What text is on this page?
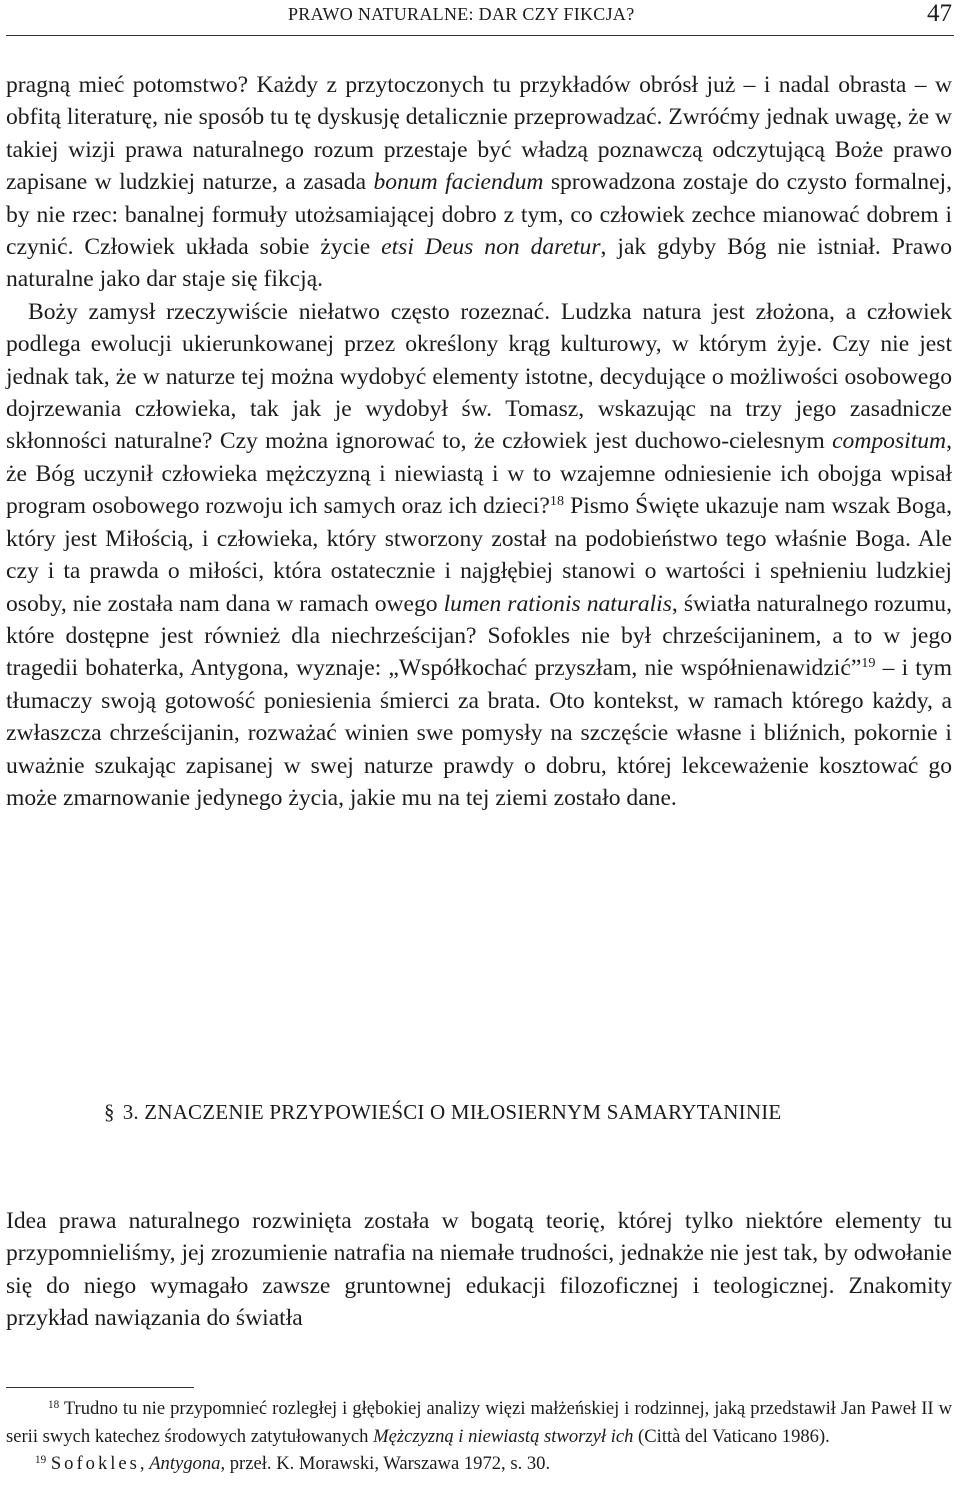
PRAWO NATURALNE: DAR CZY FIKCJA?	47

pragną mieć potomstwo? Każdy z przytoczonych tu przykładów obrósł już – i nadal obrasta – w obfitą literaturę, nie sposób tu tę dyskusję detalicznie przeprowadzać. Zwróćmy jednak uwagę, że w takiej wizji prawa naturalnego rozum przestaje być władzą poznawczą odczytującą Boże prawo zapisane w ludzkiej naturze, a zasada bonum faciendum sprowadzona zostaje do czysto formalnej, by nie rzec: banalnej formuły utożsamiającej dobro z tym, co człowiek zechce mianować dobrem i czynić. Człowiek układa sobie życie etsi Deus non daretur, jak gdyby Bóg nie istniał. Prawo naturalne jako dar staje się fikcją.

Boży zamysł rzeczywiście niełatwo często rozeznać. Ludzka natura jest złożona, a człowiek podlega ewolucji ukierunkowanej przez określony krąg kulturowy, w którym żyje. Czy nie jest jednak tak, że w naturze tej można wydobyć elementy istotne, decydujące o możliwości osobowego dojrzewania człowieka, tak jak je wydobył św. Tomasz, wskazując na trzy jego zasadnicze skłonności naturalne? Czy można ignorować to, że człowiek jest duchowo-cielesnym compositum, że Bóg uczynił człowieka mężczyzną i niewiastą i w to wzajemne odniesienie ich obojga wpisał program osobowego rozwoju ich samych oraz ich dzieci?$^{18}$ Pismo Święte ukazuje nam wszak Boga, który jest Miłością, i człowieka, który stworzony został na podobieństwo tego właśnie Boga. Ale czy i ta prawda o miłości, która ostatecznie i najgłębiej stanowi o wartości i spełnieniu ludzkiej osoby, nie została nam dana w ramach owego lumen rationis naturalis, światła naturalnego rozumu, które dostępne jest również dla niechrześcijan? Sofokles nie był chrześcijaninem, a to w jego tragedii bohaterka, Antygona, wyznaje: „Współkochać przyszłam, nie współnienawidzić”$^{19}$ – i tym tłumaczy swoją gotowość poniesienia śmierci za brata. Oto kontekst, w ramach którego każdy, a zwłaszcza chrześcijanin, rozważać winien swe pomysły na szczęście własne i bliźnich, pokornie i uważnie szukając zapisanej w swej naturze prawdy o dobru, której lekceważenie kosztować go może zmarnowanie jedynego życia, jakie mu na tej ziemi zostało dane.

§ 3. ZNACZENIE PRZYPOWIEŚCI O MIŁOSIERNYM SAMARYTANINIE

Idea prawa naturalnego rozwinięta została w bogatą teorię, której tylko niektóre elementy tu przypomnieliśmy, jej zrozumienie natrafia na niemałe trudności, jednakże nie jest tak, by odwołanie się do niego wymagało zawsze gruntownej edukacji filozoficznej i teologicznej. Znakomity przykład nawiązania do światła

$^{18}$ Trudno tu nie przypomnieć rozległej i głębokiej analizy więzi małżeńskiej i rodzinnej, jaką przedstawił Jan Paweł II w serii swych katechez środowych zatytułowanych Mężczyzną i niewiastą stworzył ich (Città del Vaticano 1986).

$^{19}$ Sofokles, Antygona, przeł. K. Morawski, Warszawa 1972, s. 30.
